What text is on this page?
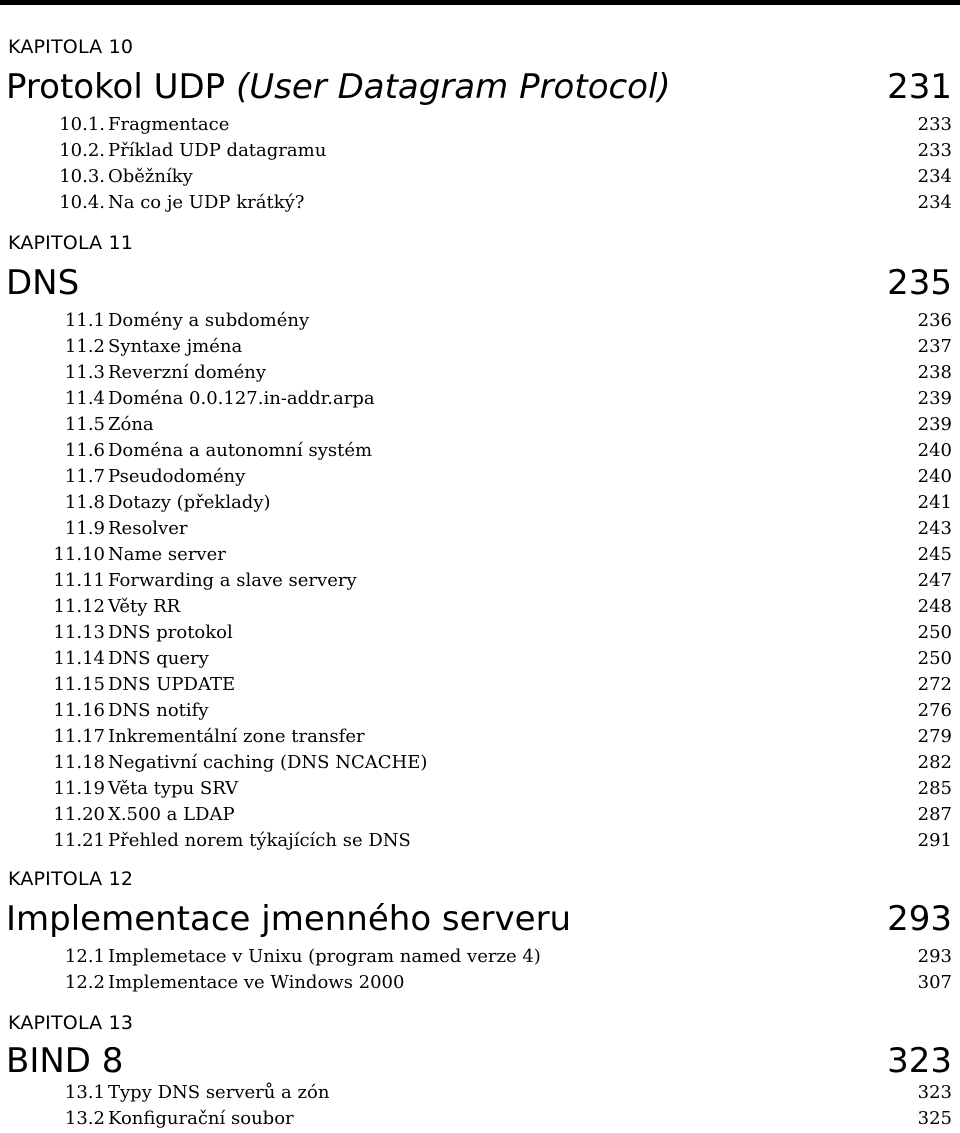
KAPITOLA 10
Protokol UDP (User Datagram Protocol)	231
10.1. Fragmentace	233
10.2. Příklad UDP datagramu	233
10.3. Oběžníky	234
10.4. Na co je UDP krátký?	234
KAPITOLA 11
DNS	235
11.1 Domény a subdomény	236
11.2 Syntaxe jména	237
11.3 Reverzní domény	238
11.4 Doména 0.0.127.in-addr.arpa	239
11.5 Zóna	239
11.6 Doména a autonomní systém	240
11.7 Pseudodomény	240
11.8 Dotazy (překlady)	241
11.9 Resolver	243
11.10 Name server	245
11.11 Forwarding a slave servery	247
11.12 Věty RR	248
11.13 DNS protokol	250
11.14 DNS query	250
11.15 DNS UPDATE	272
11.16 DNS notify	276
11.17 Inkrementální zone transfer	279
11.18 Negativní caching (DNS NCACHE)	282
11.19 Věta typu SRV	285
11.20 X.500 a LDAP	287
11.21 Přehled norem týkajících se DNS	291
KAPITOLA 12
Implementace jmenného serveru	293
12.1 Implemetace v Unixu (program named verze 4)	293
12.2 Implementace ve Windows 2000	307
KAPITOLA 13
BIND 8	323
13.1 Typy DNS serverů a zón	323
13.2 Konfigurační soubor	325
